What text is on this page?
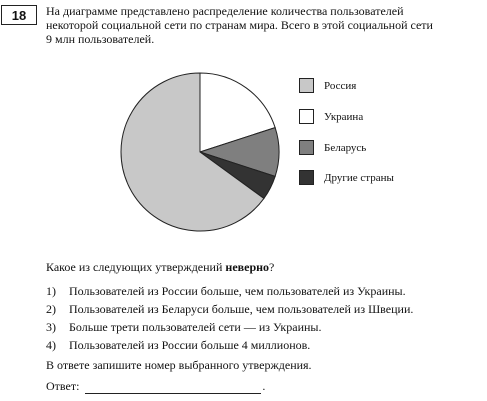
18	На диаграмме представлено распределение количества пользователей
некоторой социальной сети по странам мира. Всего в этой социальной сети
9 млн пользователей.
Россия
Украина
Беларусь
Другие страны
Какое из следующих утверждений неверно?
1)	Пользователей из России больше, чем пользователей из Украины.
2)	Пользователей из Беларуси больше, чем пользователей из Швеции.
3)	Больше трети пользователей сети — из Украины.
4)	Пользователей из России больше 4 миллионов.
В ответе запишите номер выбранного утверждения.
Ответ:	.
